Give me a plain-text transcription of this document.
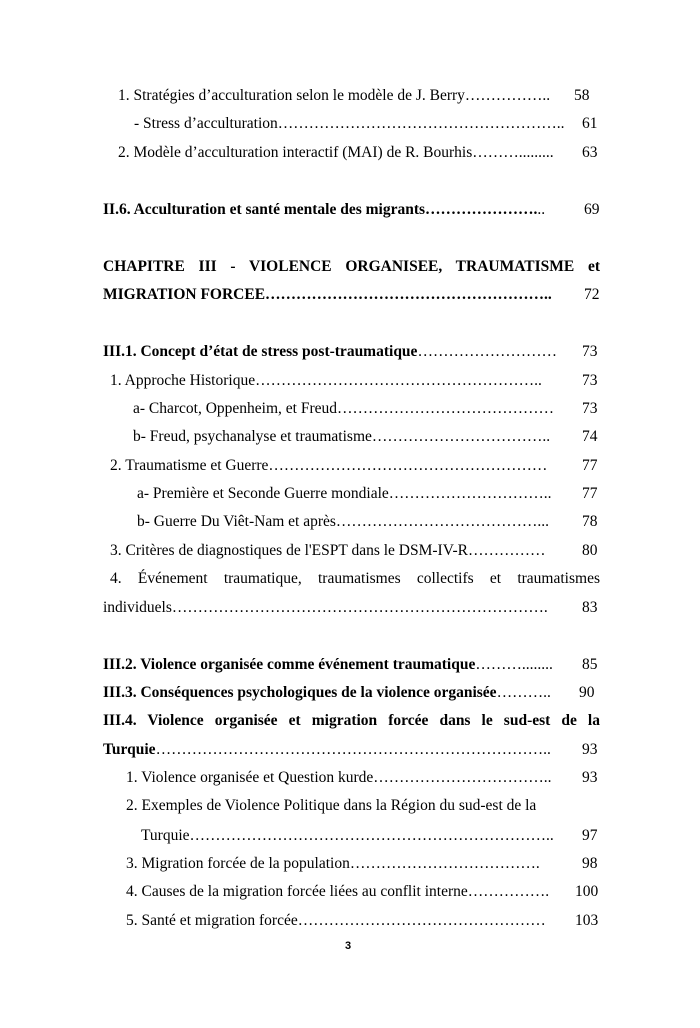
1. Stratégies d’acculturation selon le modèle de J. Berry……………..	58
- Stress d’acculturation………………………………………………..	61
2. Modèle d’acculturation interactif (MAI) de R. Bourhis……….........	63
II.6. Acculturation et santé mentale des migrants…………………...	69
CHAPITRE III - VIOLENCE ORGANISEE, TRAUMATISME et
MIGRATION FORCEE………………………………………………..	72
III.1. Concept d’état de stress post-traumatique………………………	73
1. Approche Historique………………………………………………..	73
a- Charcot, Oppenheim, et Freud……………………………………	73
b- Freud, psychanalyse et traumatisme……………………………..	74
2. Traumatisme et Guerre………………………………………………	77
a- Première et Seconde Guerre mondiale…………………………..	77
b- Guerre Du Viêt-Nam et après…………………………………...	78
3. Critères de diagnostiques de l'ESPT dans le DSM-IV-R……………	80
4. Événement traumatique, traumatismes collectifs et traumatismes
individuels……………………………………………………………….	83
III.2. Violence organisée comme événement traumatique………........	85
III.3. Conséquences psychologiques de la violence organisée………..	90
III.4. Violence organisée et migration forcée dans le sud-est de la
Turquie…………………………………………………………………..	93
1. Violence organisée et Question kurde……………………………..	93
2. Exemples de Violence Politique dans la Région du sud-est de la
Turquie……………………………………………………………..	97
3. Migration forcée de la population……………………………….	98
4. Causes de la migration forcée liées au conflit interne…………….	100
5. Santé et migration forcée…………………………………………	103
3
